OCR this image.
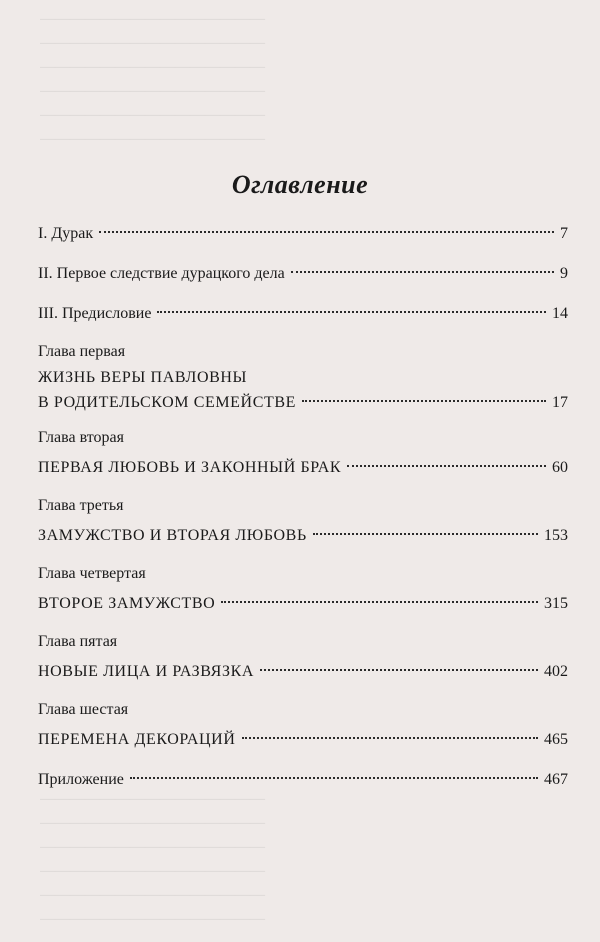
———————————————
———————————————
———————————————
———————————————
———————————————
———————————————
———————————————
———————————————
———————————————
———————————————
———————————————
———————————————
Оглавление
I. Дурак	7
II. Первое следствие дурацкого дела	9
III. Предисловие	14
Глава первая
ЖИЗНЬ ВЕРЫ ПАВЛОВНЫ
В РОДИТЕЛЬСКОМ СЕМЕЙСТВЕ	17
Глава вторая
ПЕРВАЯ ЛЮБОВЬ И ЗАКОННЫЙ БРАК	60
Глава третья
ЗАМУЖСТВО И ВТОРАЯ ЛЮБОВЬ	153
Глава четвертая
ВТОРОЕ ЗАМУЖСТВО	315
Глава пятая
НОВЫЕ ЛИЦА И РАЗВЯЗКА	402
Глава шестая
ПЕРЕМЕНА ДЕКОРАЦИЙ	465
Приложение	467
